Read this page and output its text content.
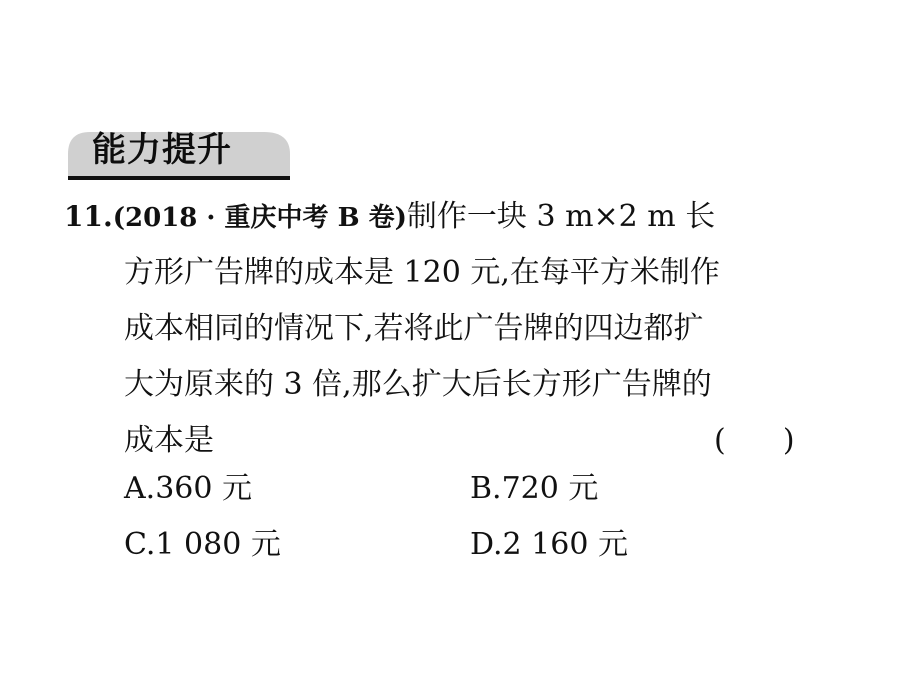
能力提升
11.(2018 · 重庆中考 B 卷)制作一块 3 m×2 m 长
方形广告牌的成本是 120 元,在每平方米制作
成本相同的情况下,若将此广告牌的四边都扩
大为原来的 3 倍,那么扩大后长方形广告牌的
成本是	(      )
A.360 元	B.720 元
C.1 080 元	D.2 160 元
